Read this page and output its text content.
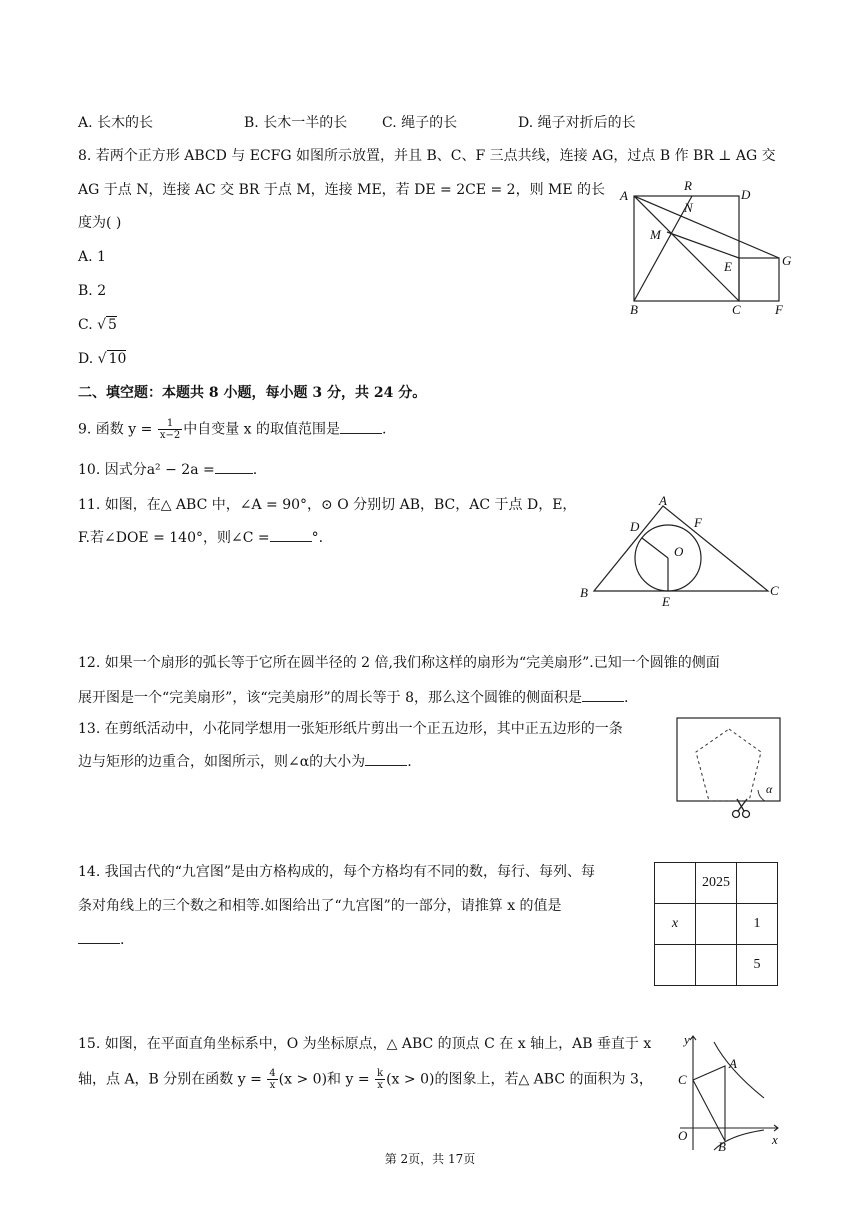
A. 长木的长	B. 长木一半的长 C. 绳子的长	D. 绳子对折后的长
8. 若两个正方形 ABCD 与 ECFG 如图所示放置，并且 B、C、F 三点共线，连接 AG，过点 B 作 BR ⊥ AG 交
AG 于点 N，连接 AC 交 BR 于点 M，连接 ME，若 DE = 2CE = 2，则 ME 的长
度为( )
A. 1
B. 2
C. √ 5
D. √ 10
A
B	C
D
E
F
G
M
N
R
二、填空题：本题共 8 小题，每小题 3 分，共 24 分。
9. 函数 $y = \frac{1}{x-2}$ 中自变量 x 的取值范围是	.
10. 因式分a² − 2a =	.
11. 如图，在△ ABC 中，∠A = 90°，⊙ O 分别切 AB，BC，AC 于点 D，E，
F.若∠DOE = 140°，则∠C =	°.
A
B	C
D
E
F
O
12. 如果一个扇形的弧长等于它所在圆半径的 2 倍,我们称这样的扇形为“完美扇形”.已知一个圆锥的侧面
展开图是一个“完美扇形”，该“完美扇形”的周长等于 8，那么这个圆锥的侧面积是	.
13. 在剪纸活动中，小花同学想用一张矩形纸片剪出一个正五边形，其中正五边形的一条
边与矩形的边重合，如图所示，则∠α的大小为	.
α
14. 我国古代的“九宫图”是由方格构成的，每个方格均有不同的数，每行、每列、每
条对角线上的三个数之和相等.如图给出了“九宫图”的一部分，请推算 x 的值是
.
	2025	
x		1
		5
15. 如图，在平面直角坐标系中，O 为坐标原点，△ ABC 的顶点 C 在 x 轴上，AB 垂直于 x
轴，点 A，B 分别在函数 $y = \frac{4}{x} (x > 0)$和 $y = \frac{k}{x} (x > 0)$的图象上，若△ ABC 的面积为 3，
y
x
O
A
B
C
第 2页，共 17页
